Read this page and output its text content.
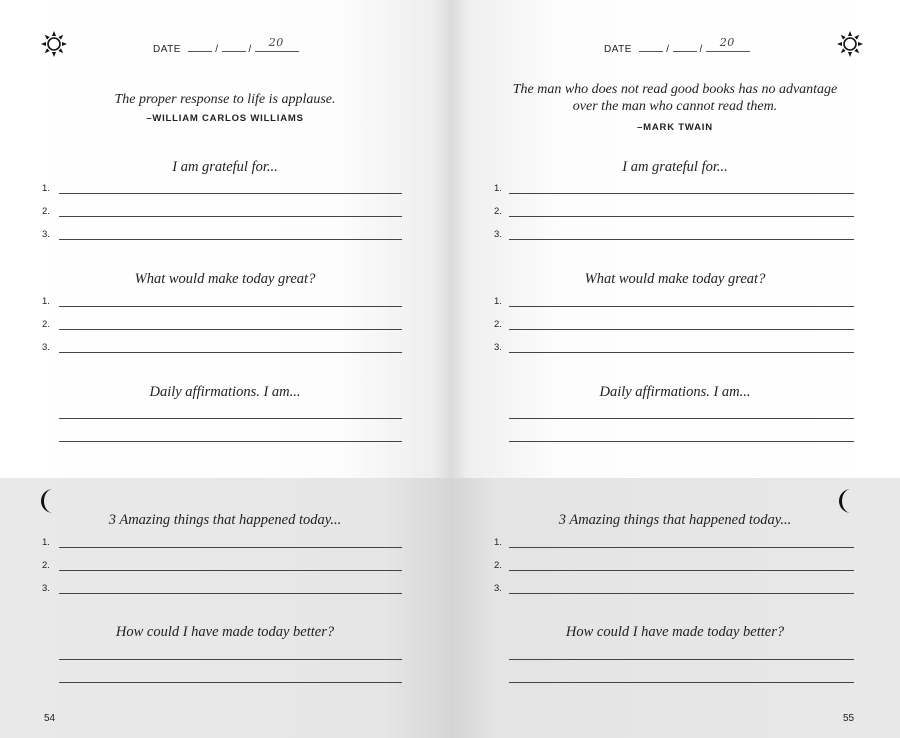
DATE	/	/
20
The proper response to life is applause.
–WILLIAM CARLOS WILLIAMS
I am grateful for...
1.
2.
3.
What would make today great?
1.
2.
3.
Daily affirmations. I am...
3 Amazing things that happened today...
1.
2.
3.
How could I have made today better?
54
DATE	/	/
20
The man who does not read good books has no advantage
over the man who cannot read them.
–MARK TWAIN
I am grateful for...
1.
2.
3.
What would make today great?
1.
2.
3.
Daily affirmations. I am...
3 Amazing things that happened today...
1.
2.
3.
How could I have made today better?
55
